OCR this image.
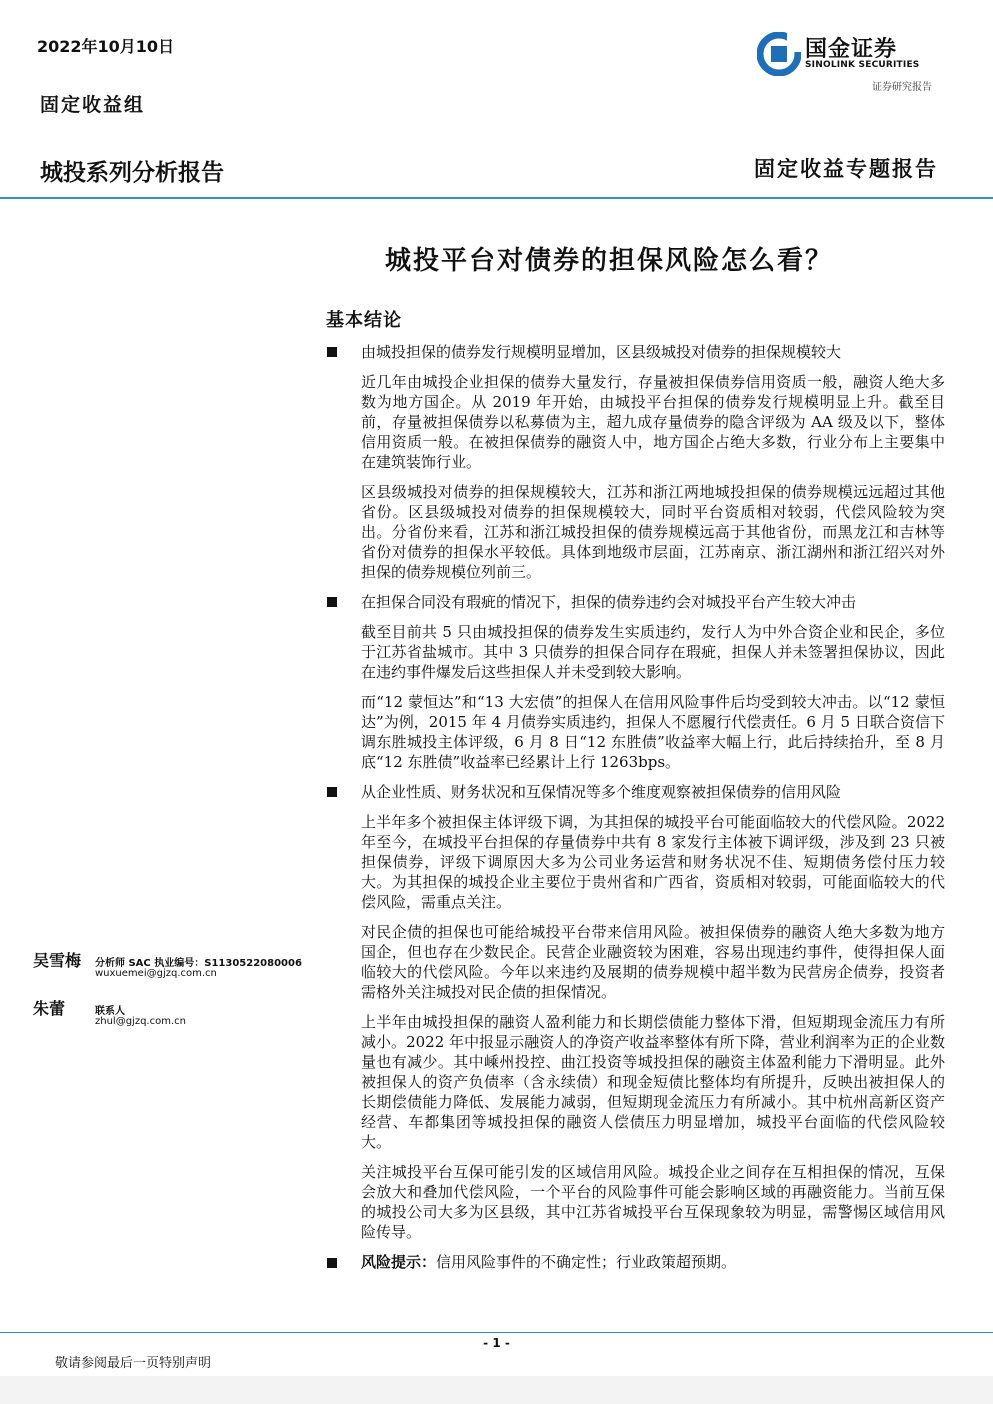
2022年10月10日
固定收益组
城投系列分析报告	固定收益专题报告
国金证券
SINOLINK SECURITIES
证券研究报告
城投平台对债券的担保风险怎么看？
基本结论
由城投担保的债券发行规模明显增加，区县级城投对债券的担保规模较大
近几年由城投企业担保的债券大量发行，存量被担保债券信用资质一般，融资人绝大多数为地方国企。从 2019 年开始，由城投平台担保的债券发行规模明显上升。截至目前，存量被担保债券以私募债为主，超九成存量债券的隐含评级为 AA 级及以下，整体信用资质一般。在被担保债券的融资人中，地方国企占绝大多数，行业分布上主要集中在建筑装饰行业。
区县级城投对债券的担保规模较大，江苏和浙江两地城投担保的债券规模远远超过其他省份。区县级城投对债券的担保规模较大，同时平台资质相对较弱，代偿风险较为突出。分省份来看，江苏和浙江城投担保的债券规模远高于其他省份，而黑龙江和吉林等省份对债券的担保水平较低。具体到地级市层面，江苏南京、浙江湖州和浙江绍兴对外担保的债券规模位列前三。
在担保合同没有瑕疵的情况下，担保的债券违约会对城投平台产生较大冲击
截至目前共 5 只由城投担保的债券发生实质违约，发行人为中外合资企业和民企，多位于江苏省盐城市。其中 3 只债券的担保合同存在瑕疵，担保人并未签署担保协议，因此在违约事件爆发后这些担保人并未受到较大影响。
而“12 蒙恒达”和“13 大宏债”的担保人在信用风险事件后均受到较大冲击。以“12 蒙恒达”为例，2015 年 4 月债券实质违约，担保人不愿履行代偿责任。6 月 5 日联合资信下调东胜城投主体评级，6 月 8 日“12 东胜债”收益率大幅上行，此后持续抬升，至 8 月底“12 东胜债”收益率已经累计上行 1263bps。
从企业性质、财务状况和互保情况等多个维度观察被担保债券的信用风险
上半年多个被担保主体评级下调，为其担保的城投平台可能面临较大的代偿风险。2022 年至今，在城投平台担保的存量债券中共有 8 家发行主体被下调评级，涉及到 23 只被担保债券，评级下调原因大多为公司业务运营和财务状况不佳、短期债务偿付压力较大。为其担保的城投企业主要位于贵州省和广西省，资质相对较弱，可能面临较大的代偿风险，需重点关注。
对民企债的担保也可能给城投平台带来信用风险。被担保债券的融资人绝大多数为地方国企，但也存在少数民企。民营企业融资较为困难，容易出现违约事件，使得担保人面临较大的代偿风险。今年以来违约及展期的债券规模中超半数为民营房企债券，投资者需格外关注城投对民企债的担保情况。
上半年由城投担保的融资人盈利能力和长期偿债能力整体下滑，但短期现金流压力有所减小。2022 年中报显示融资人的净资产收益率整体有所下降，营业利润率为正的企业数量也有减少。其中嵊州投控、曲江投资等城投担保的融资主体盈利能力下滑明显。此外被担保人的资产负债率（含永续债）和现金短债比整体均有所提升，反映出被担保人的长期偿债能力降低、发展能力减弱，但短期现金流压力有所减小。其中杭州高新区资产经营、车都集团等城投担保的融资人偿债压力明显增加，城投平台面临的代偿风险较大。
关注城投平台互保可能引发的区域信用风险。城投企业之间存在互相担保的情况，互保会放大和叠加代偿风险，一个平台的风险事件可能会影响区域的再融资能力。当前互保的城投公司大多为区县级，其中江苏省城投平台互保现象较为明显，需警惕区域信用风险传导。
风险提示：信用风险事件的不确定性；行业政策超预期。
吴雪梅 分析师 SAC 执业编号：S1130522080006
wuxuemei@gjzq.com.cn
朱蕾	联系人
zhul@gjzq.com.cn
- 1 -
敬请参阅最后一页特别声明
